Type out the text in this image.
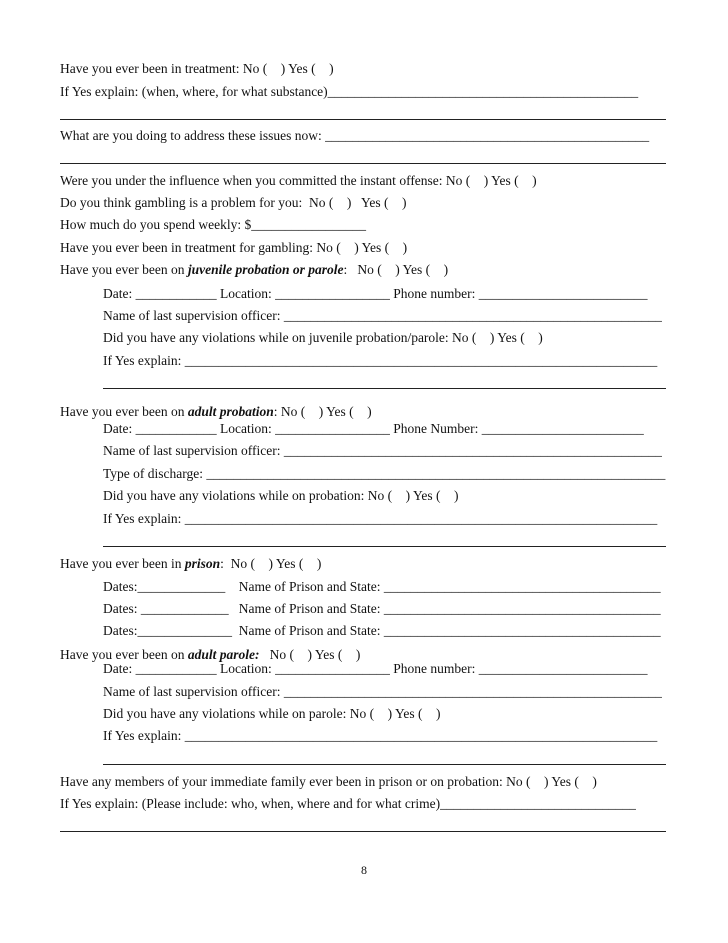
Have you ever been in treatment: No (    ) Yes (    )
If Yes explain: (when, where, for what substance)______________________________________________
What are you doing to address these issues now: ________________________________________________
Were you under the influence when you committed the instant offense: No (    ) Yes (    )
Do you think gambling is a problem for you:  No (    )   Yes (    )
How much do you spend weekly: $_________________
Have you ever been in treatment for gambling: No (    ) Yes (    )
Have you ever been on juvenile probation or parole:   No (    ) Yes (    )
Date: ____________ Location: _________________ Phone number: _________________________
Name of last supervision officer: ________________________________________________________
Did you have any violations while on juvenile probation/parole: No (    ) Yes (    )
If Yes explain: ______________________________________________________________________
Have you ever been on adult probation: No (    ) Yes (    )
Date: ____________ Location: _________________ Phone Number: ________________________
Name of last supervision officer: ________________________________________________________
Type of discharge: ____________________________________________________________________
Did you have any violations while on probation: No (    ) Yes (    )
If Yes explain: ______________________________________________________________________
Have you ever been in prison:  No (    ) Yes (    )
Dates:_____________    Name of Prison and State: _________________________________________
Dates: _____________   Name of Prison and State: _________________________________________
Dates:______________  Name of Prison and State: _________________________________________
Have you ever been on adult parole:   No (    ) Yes (    )
Date: ____________ Location: _________________ Phone number: _________________________
Name of last supervision officer: ________________________________________________________
Did you have any violations while on parole: No (    ) Yes (    )
If Yes explain: ______________________________________________________________________
Have any members of your immediate family ever been in prison or on probation: No (    ) Yes (    )
If Yes explain: (Please include: who, when, where and for what crime)_____________________________
8
